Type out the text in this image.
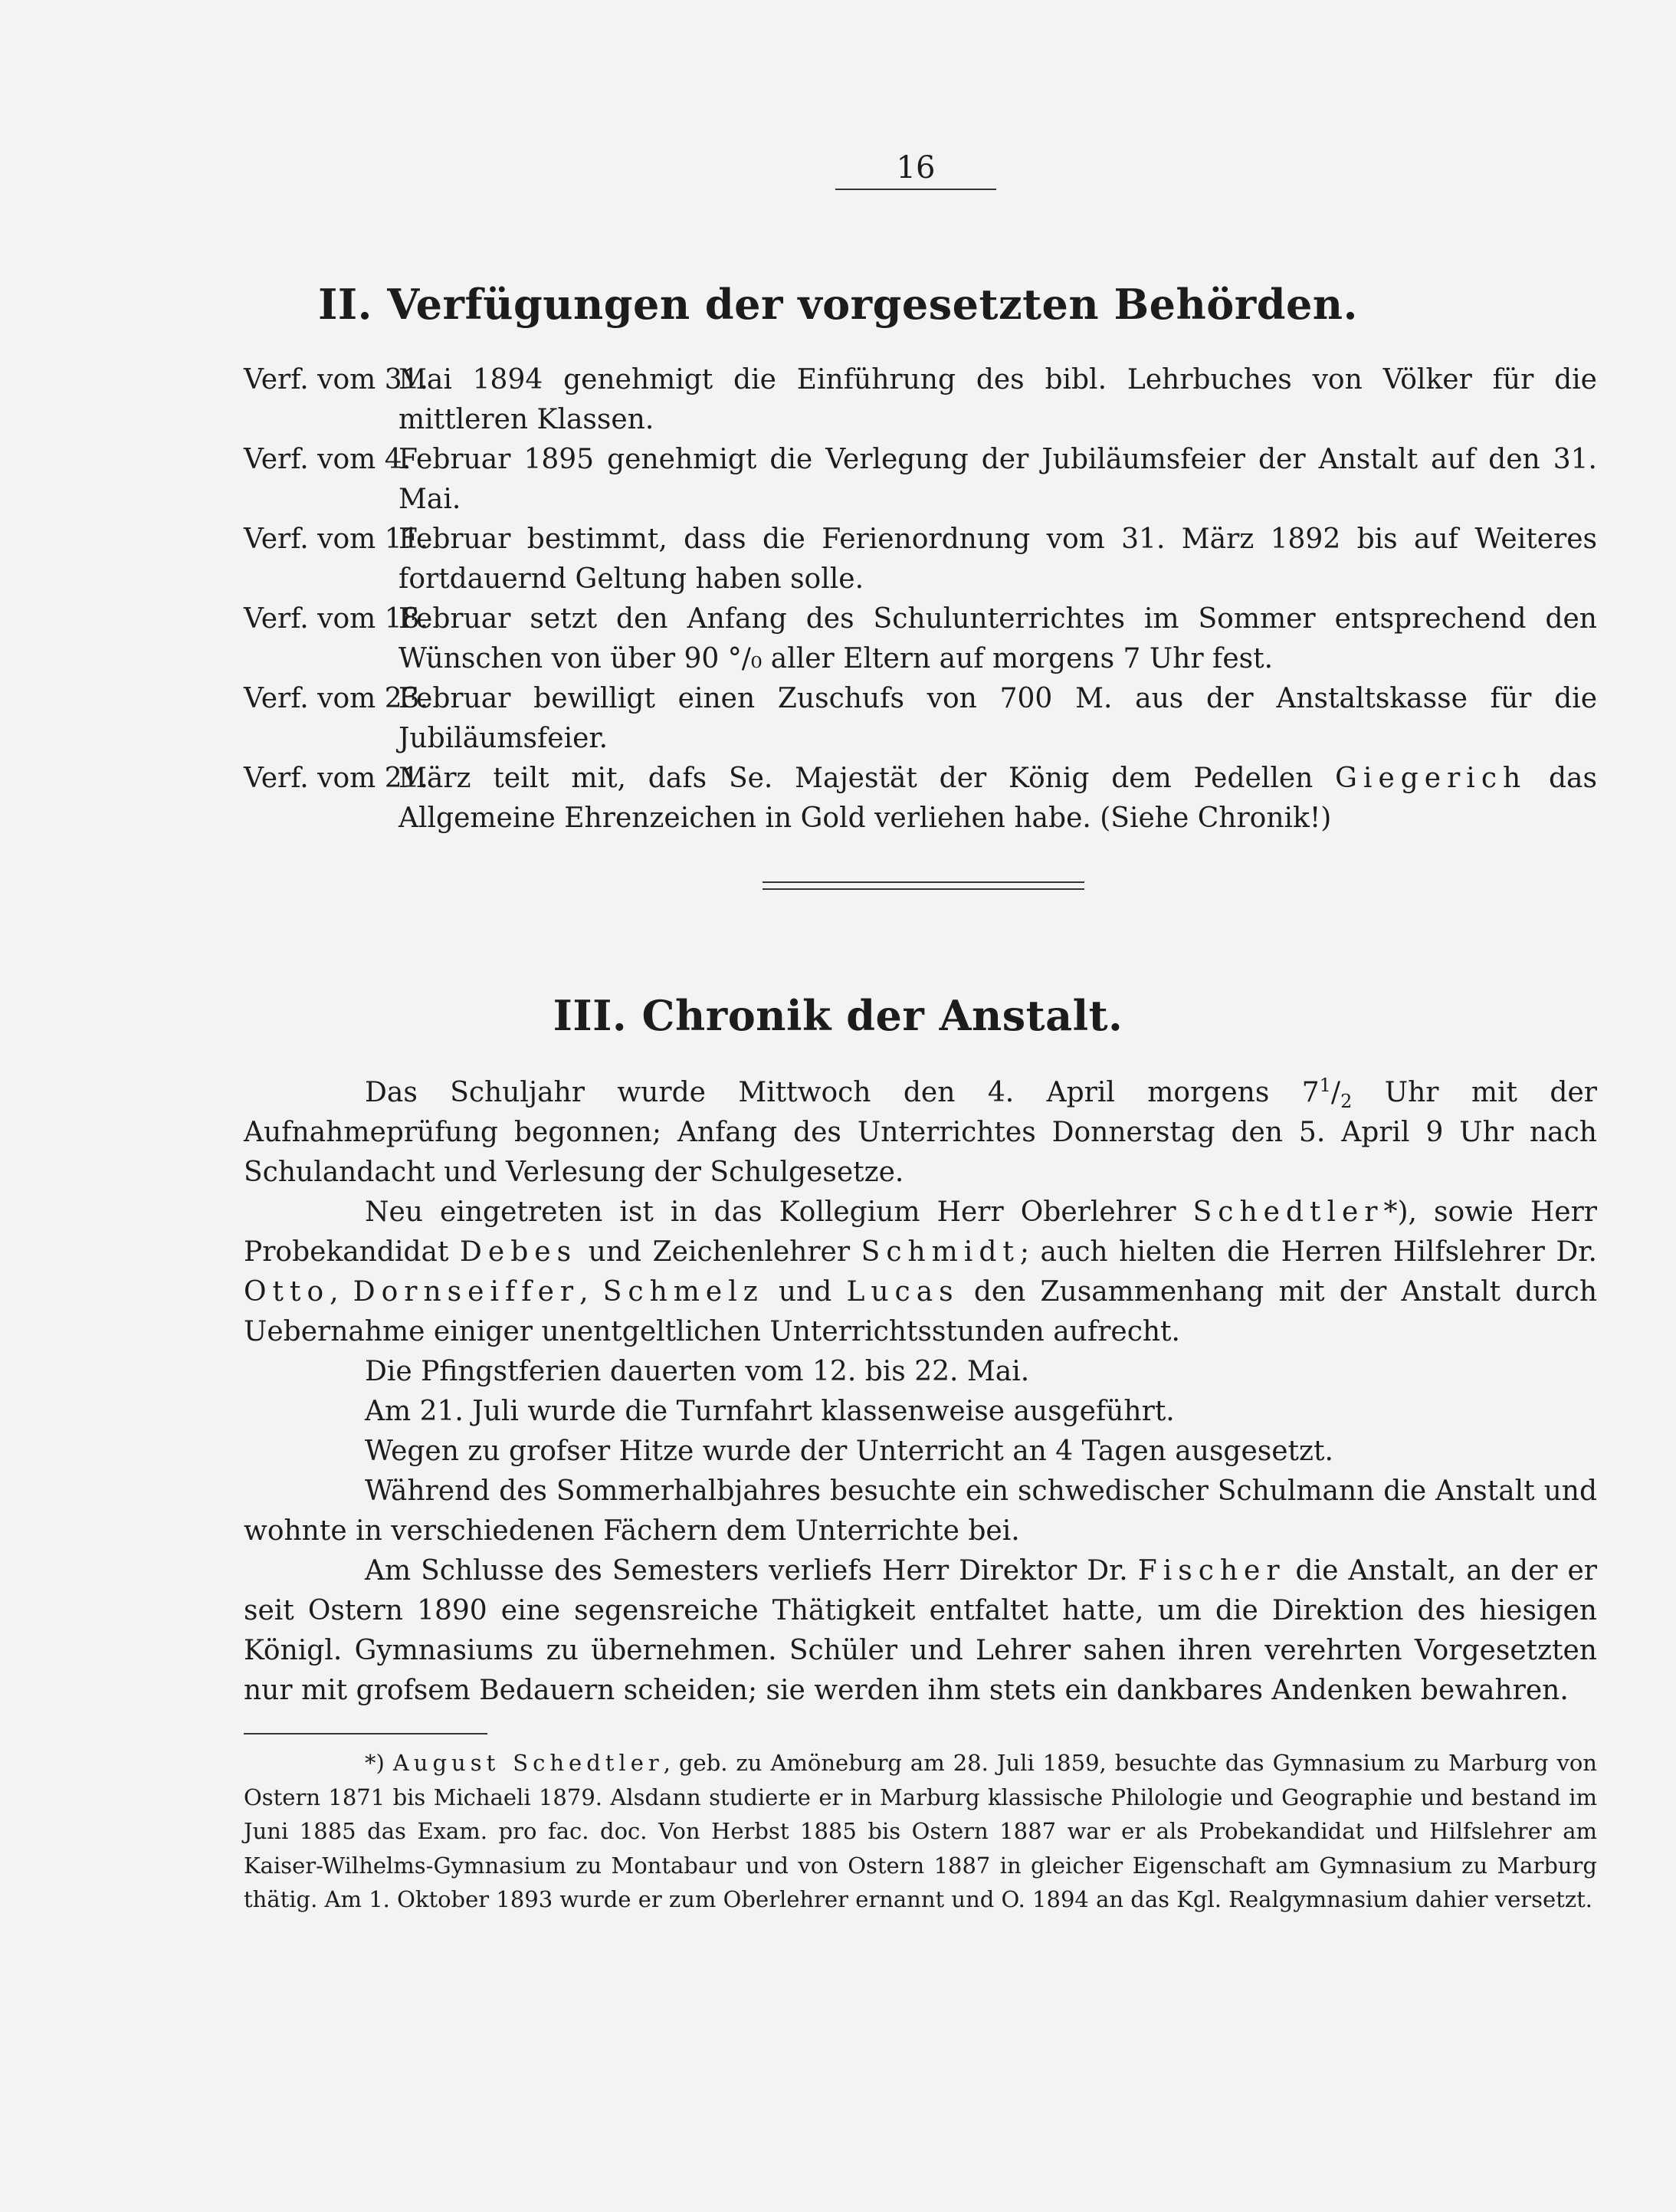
16
II. Verfügungen der vorgesetzten Behörden.
Verf. vom 31.
Mai 1894 genehmigt die Einführung des bibl. Lehrbuches von Völker für die mittleren Klassen.
Verf. vom 4.
Februar 1895 genehmigt die Verlegung der Jubiläumsfeier der Anstalt auf den 31. Mai.
Verf. vom 11.
Februar bestimmt, dass die Ferienordnung vom 31. März 1892 bis auf Weiteres fortdauernd Geltung haben solle.
Verf. vom 18.
Februar setzt den Anfang des Schulunterrichtes im Sommer entsprechend den Wünschen von über 90 °/₀ aller Eltern auf morgens 7 Uhr fest.
Verf. vom 23.
Februar bewilligt einen Zuschufs von 700 M. aus der Anstaltskasse für die Jubiläumsfeier.
Verf. vom 21.
März teilt mit, dafs Se. Majestät der König dem Pedellen Giegerich das Allgemeine Ehrenzeichen in Gold verliehen habe. (Siehe Chronik!)
III. Chronik der Anstalt.

Das Schuljahr wurde Mittwoch den 4. April morgens $7^1/_2$ Uhr mit der Aufnahmeprüfung begonnen; Anfang des Unterrichtes Donnerstag den 5. April 9 Uhr nach Schulandacht und Verlesung der Schulgesetze.

Neu eingetreten ist in das Kollegium Herr Oberlehrer Schedtler*), sowie Herr Probekandidat Debes und Zeichenlehrer Schmidt; auch hielten die Herren Hilfslehrer Dr. Otto, Dornseiffer, Schmelz und Lucas den Zusammenhang mit der Anstalt durch Uebernahme einiger unentgeltlichen Unterrichtsstunden aufrecht.

Die Pfingstferien dauerten vom 12. bis 22. Mai.

Am 21. Juli wurde die Turnfahrt klassenweise ausgeführt.

Wegen zu grofser Hitze wurde der Unterricht an 4 Tagen ausgesetzt.

Während des Sommerhalbjahres besuchte ein schwedischer Schulmann die Anstalt und wohnte in verschiedenen Fächern dem Unterrichte bei.

Am Schlusse des Semesters verliefs Herr Direktor Dr. Fischer die Anstalt, an der er seit Ostern 1890 eine segensreiche Thätigkeit entfaltet hatte, um die Direktion des hiesigen Königl. Gymnasiums zu übernehmen. Schüler und Lehrer sahen ihren verehrten Vorgesetzten nur mit grofsem Bedauern scheiden; sie werden ihm stets ein dankbares Andenken bewahren.

*) August Schedtler, geb. zu Amöneburg am 28. Juli 1859, besuchte das Gymnasium zu Marburg von Ostern 1871 bis Michaeli 1879. Alsdann studierte er in Marburg klassische Philologie und Geographie und bestand im Juni 1885 das Exam. pro fac. doc. Von Herbst 1885 bis Ostern 1887 war er als Probekandidat und Hilfslehrer am Kaiser-Wilhelms-Gymnasium zu Montabaur und von Ostern 1887 in gleicher Eigenschaft am Gymnasium zu Marburg thätig. Am 1. Oktober 1893 wurde er zum Oberlehrer ernannt und O. 1894 an das Kgl. Realgymnasium dahier versetzt.
